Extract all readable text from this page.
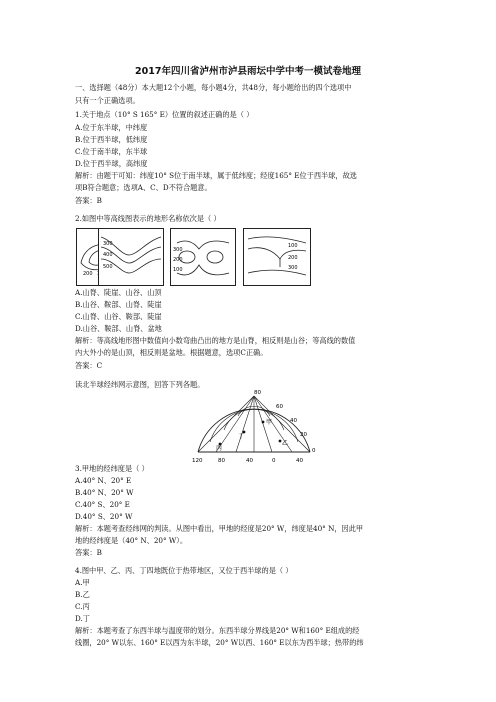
2017年四川省泸州市泸县雨坛中学中考一模试卷地理
一、选择题（48分）本大题12个小题，每小题4分，共48分，每小题给出的四个选项中
只有一个正确选项。
1.关于地点（10° S 165° E）位置的叙述正确的是（ ）
A.位于东半球，中纬度
B.位于西半球，低纬度
C.位于南半球，东半球
D.位于西半球，高纬度
解析：由题干可知：纬度10° S位于南半球，属于低纬度；经度165° E位于西半球，故选
项B符合题意；选项A、C、D不符合题意。
答案：B
2.如图中等高线图表示的地形名称依次是（ ）
200
300
400
500
300
200
100
100
200
300
A.山脊、陡崖、山谷、山顶
B.山谷、鞍部、山脊、陡崖
C.山脊、山谷、鞍部、陡崖
D.山谷、鞍部、山脊、盆地
解析：等高线地形图中数值向小数弯曲凸出的地方是山脊，相反则是山谷；等高线的数值
内大外小的是山顶，相反则是盆地。根据题意，选项C正确。
答案：C
读北半球经纬网示意图，回答下列各题。
80
60
40
20
0
120	80	40	0	40
甲
乙
丙
丁
3.甲地的经纬度是（ ）
A.40° N、20° E
B.40° N、20° W
C.40° S、20° E
D.40° S、20° W
解析：本题考查经纬网的判读。从图中看出，甲地的经度是20° W，纬度是40° N，因此甲
地的经纬度是（40° N、20° W）。
答案：B
4.图中甲、乙、丙、丁四地既位于热带地区，又位于西半球的是（ ）
A.甲
B.乙
C.丙
D.丁
解析：本题考查了东西半球与温度带的划分。东西半球分界线是20° W和160° E组成的经
线圈，20° W以东、160° E以西为东半球，20° W以西、160° E以东为西半球；热带的纬
